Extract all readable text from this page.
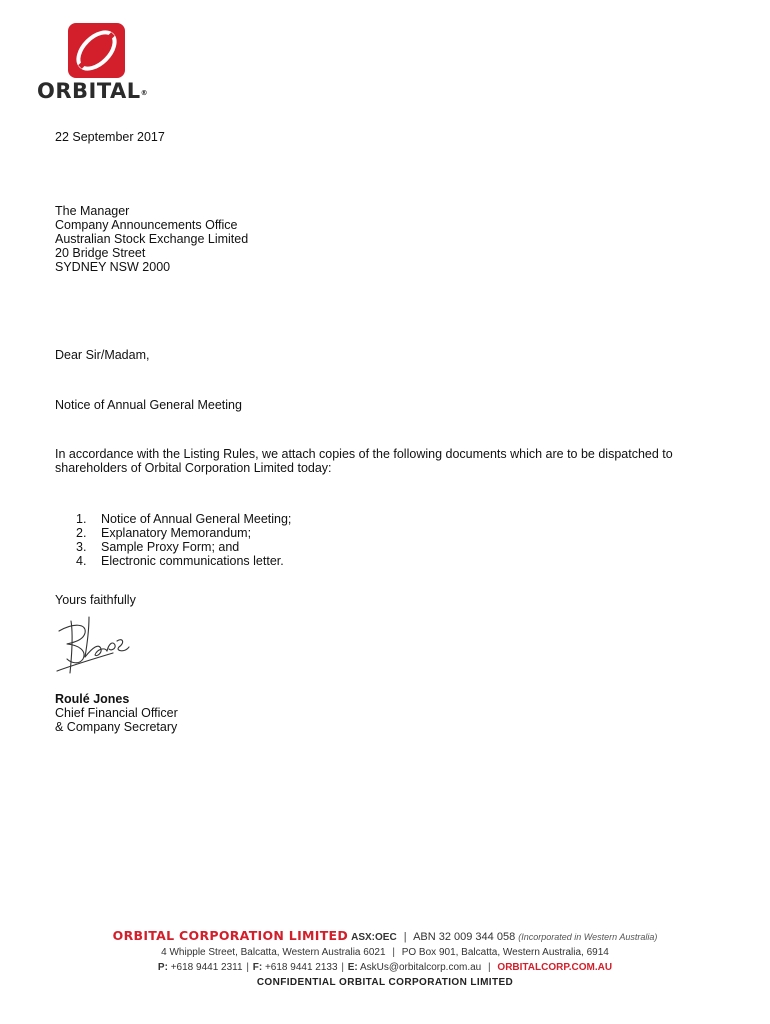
ORBITAL®
22 September 2017
The Manager
Company Announcements Office
Australian Stock Exchange Limited
20 Bridge Street
SYDNEY NSW 2000
Dear Sir/Madam,
Notice of Annual General Meeting
In accordance with the Listing Rules, we attach copies of the following documents which are to be dispatched to
shareholders of Orbital Corporation Limited today:
1.	Notice of Annual General Meeting;
2.	Explanatory Memorandum;
3.	Sample Proxy Form; and
4.	Electronic communications letter.
Yours faithfully
Roulé Jones
Chief Financial Officer
& Company Secretary
ORBITAL CORPORATION LIMITED ASX:OEC | ABN 32 009 344 058 (Incorporated in Western Australia)
4 Whipple Street, Balcatta, Western Australia 6021 | PO Box 901, Balcatta, Western Australia, 6914
P: +618 9441 2311 | F: +618 9441 2133 | E: AskUs@orbitalcorp.com.au | ORBITALCORP.COM.AU
CONFIDENTIAL ORBITAL CORPORATION LIMITED
